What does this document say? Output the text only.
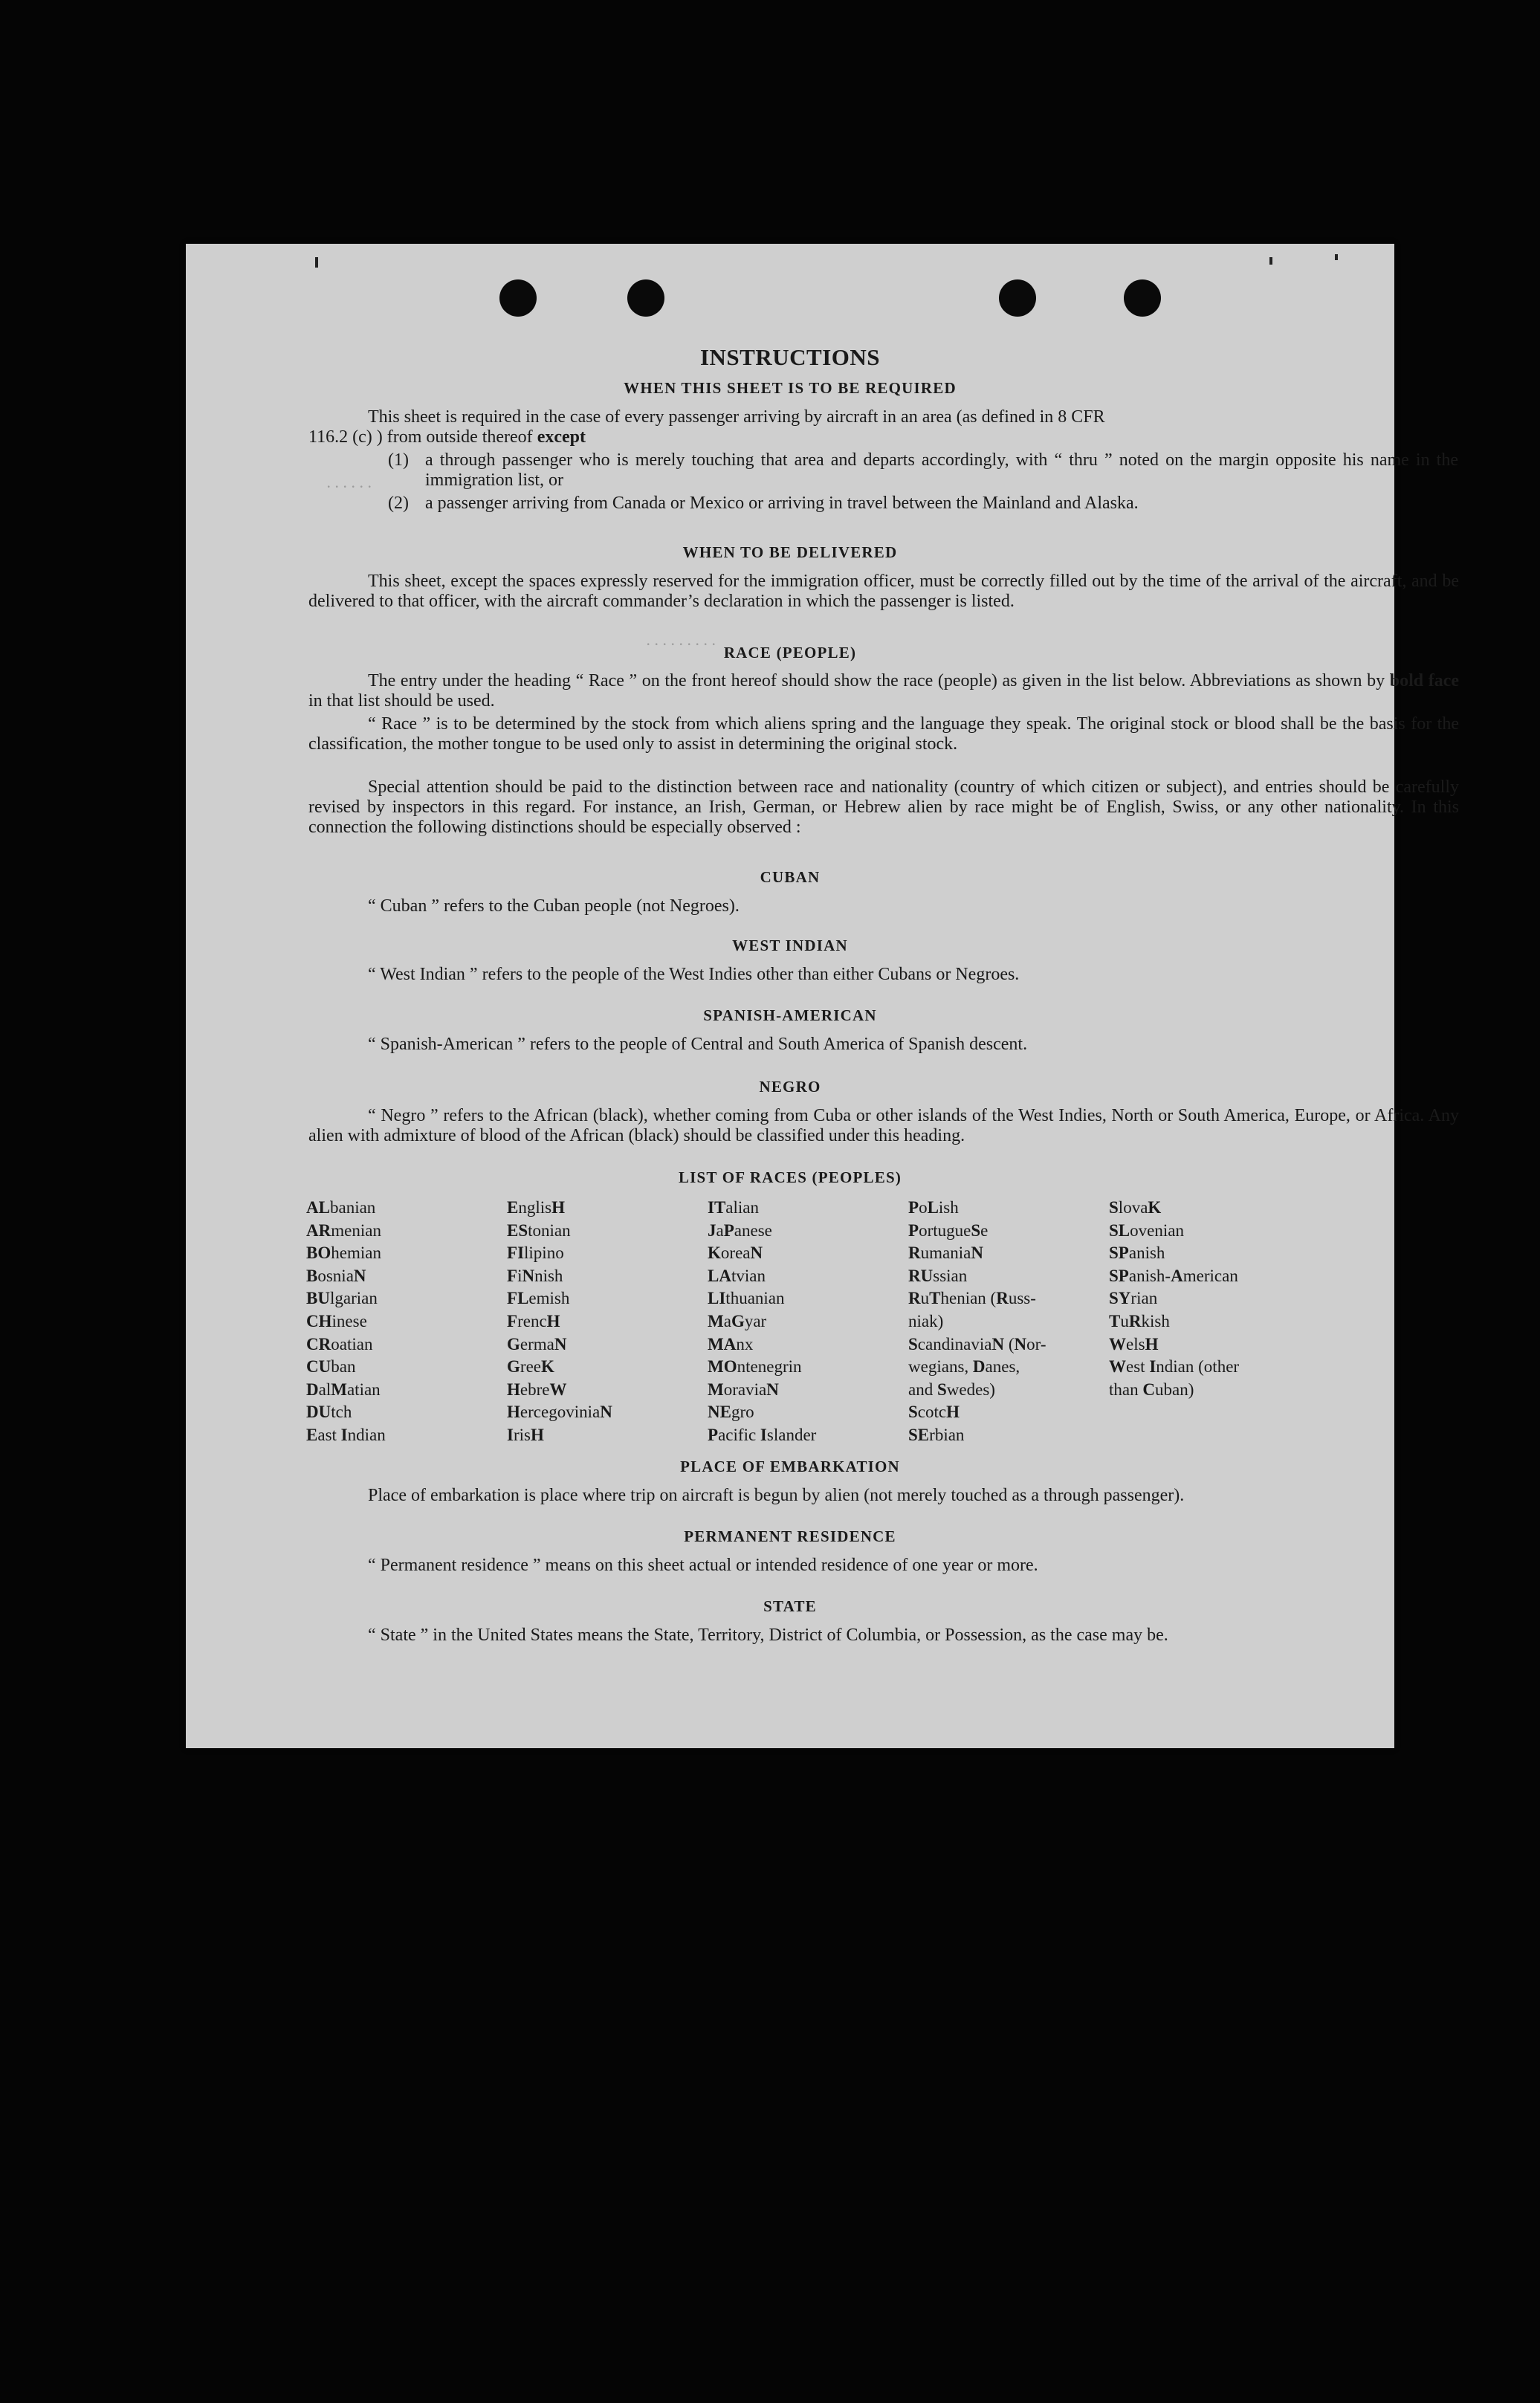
. . . . . .
. . . . . . . . .
INSTRUCTIONS
WHEN THIS SHEET IS TO BE REQUIRED
This sheet is required in the case of every passenger arriving by aircraft in an area (as defined in 8 CFR
116.2 (c) ) from outside thereof except
(1) a through passenger who is merely touching that area and departs accordingly, with “ thru ” noted on the margin opposite his name in the immigration list, or
(2) a passenger arriving from Canada or Mexico or arriving in travel between the Mainland and Alaska.
WHEN TO BE DELIVERED
This sheet, except the spaces expressly reserved for the immigration officer, must be correctly filled out by the time of the arrival of the aircraft, and be delivered to that officer, with the aircraft commander’s declaration in which the passenger is listed.
RACE (PEOPLE)
The entry under the heading “ Race ” on the front hereof should show the race (people) as given in the list below. Abbreviations as shown by bold face in that list should be used.
“ Race ” is to be determined by the stock from which aliens spring and the language they speak. The original stock or blood shall be the basis for the classification, the mother tongue to be used only to assist in determining the original stock.
Special attention should be paid to the distinction between race and nationality (country of which citizen or subject), and entries should be carefully revised by inspectors in this regard. For instance, an Irish, German, or Hebrew alien by race might be of English, Swiss, or any other nationality. In this connection the following distinctions should be especially observed :
CUBAN
“ Cuban ” refers to the Cuban people (not Negroes).
WEST INDIAN
“ West Indian ” refers to the people of the West Indies other than either Cubans or Negroes.
SPANISH-AMERICAN
“ Spanish-American ” refers to the people of Central and South America of Spanish descent.
NEGRO
“ Negro ” refers to the African (black), whether coming from Cuba or other islands of the West Indies, North or South America, Europe, or Africa. Any alien with admixture of blood of the African (black) should be classified under this heading.
LIST OF RACES (PEOPLES)
ALbanian
ARmenian
BOhemian
BosniaN
BUlgarian
CHinese
CRoatian
CUban
DalMatian
DUtch
East Indian
EnglisH
EStonian
FIlipino
FiNnish
FLemish
FrencH
GermaN
GreeK
HebreW
HercegoviniaN
IrisH
ITalian
JaPanese
KoreaN
LAtvian
LIthuanian
MaGyar
MAnx
MOntenegrin
MoraviaN
NEgro
Pacific Islander
PoLish
PortugueSe
RumaniaN
RUssian
RuThenian (Russ-
niak)
ScandinaviaN (Nor-
wegians, Danes,
and Swedes)
ScotcH
SErbian
SlovaK
SLovenian
SPanish
SPanish-American
SYrian
TuRkish
WelsH
West Indian (other
than Cuban)
PLACE OF EMBARKATION
Place of embarkation is place where trip on aircraft is begun by alien (not merely touched as a through passenger).
PERMANENT RESIDENCE
“ Permanent residence ” means on this sheet actual or intended residence of one year or more.
STATE
“ State ” in the United States means the State, Territory, District of Columbia, or Possession, as the case may be.
